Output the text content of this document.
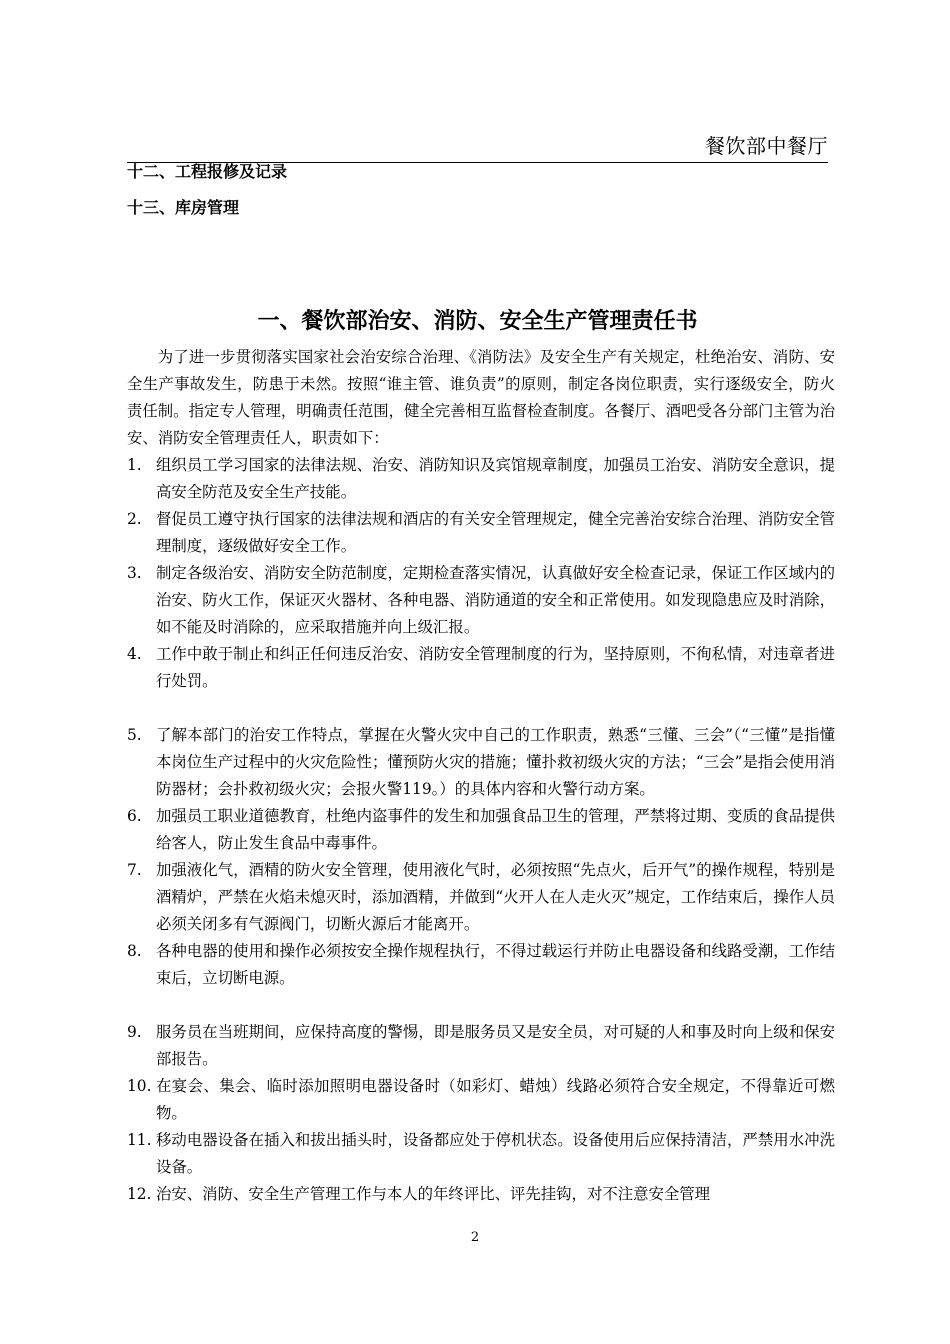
餐饮部中餐厅
十二、工程报修及记录
十三、库房管理
一、餐饮部治安、消防、安全生产管理责任书

为了进一步贯彻落实国家社会治安综合治理、《消防法》及安全生产有关规定，杜绝治安、消防、安全生产事故发生，防患于未然。按照“谁主管、谁负责”的原则，制定各岗位职责，实行逐级安全，防火责任制。指定专人管理，明确责任范围，健全完善相互监督检查制度。各餐厅、酒吧受各分部门主管为治安、消防安全管理责任人，职责如下：

1. 组织员工学习国家的法律法规、治安、消防知识及宾馆规章制度，加强员工治安、消防安全意识，提高安全防范及安全生产技能。
2. 督促员工遵守执行国家的法律法规和酒店的有关安全管理规定，健全完善治安综合治理、消防安全管理制度，逐级做好安全工作。
3. 制定各级治安、消防安全防范制度，定期检查落实情况，认真做好安全检查记录，保证工作区域内的治安、防火工作，保证灭火器材、各种电器、消防通道的安全和正常使用。如发现隐患应及时消除，如不能及时消除的，应采取措施并向上级汇报。
4. 工作中敢于制止和纠正任何违反治安、消防安全管理制度的行为，坚持原则，不徇私情，对违章者进行处罚。
5. 了解本部门的治安工作特点，掌握在火警火灾中自己的工作职责，熟悉“三懂、三会”（“三懂”是指懂本岗位生产过程中的火灾危险性；懂预防火灾的措施；懂扑救初级火灾的方法；“三会”是指会使用消防器材；会扑救初级火灾；会报火警119。）的具体内容和火警行动方案。
6. 加强员工职业道德教育，杜绝内盗事件的发生和加强食品卫生的管理，严禁将过期、变质的食品提供给客人，防止发生食品中毒事件。
7. 加强液化气，酒精的防火安全管理，使用液化气时，必须按照“先点火，后开气”的操作规程，特别是酒精炉，严禁在火焰未熄灭时，添加酒精，并做到“火开人在人走火灭”规定，工作结束后，操作人员必须关闭多有气源阀门，切断火源后才能离开。
8. 各种电器的使用和操作必须按安全操作规程执行，不得过载运行并防止电器设备和线路受潮，工作结束后，立切断电源。
9. 服务员在当班期间，应保持高度的警惕，即是服务员又是安全员，对可疑的人和事及时向上级和保安部报告。
10. 在宴会、集会、临时添加照明电器设备时（如彩灯、蜡烛）线路必须符合安全规定，不得靠近可燃物。
11. 移动电器设备在插入和拔出插头时，设备都应处于停机状态。设备使用后应保持清洁，严禁用水冲洗设备。
12. 治安、消防、安全生产管理工作与本人的年终评比、评先挂钩，对不注意安全管理
2
